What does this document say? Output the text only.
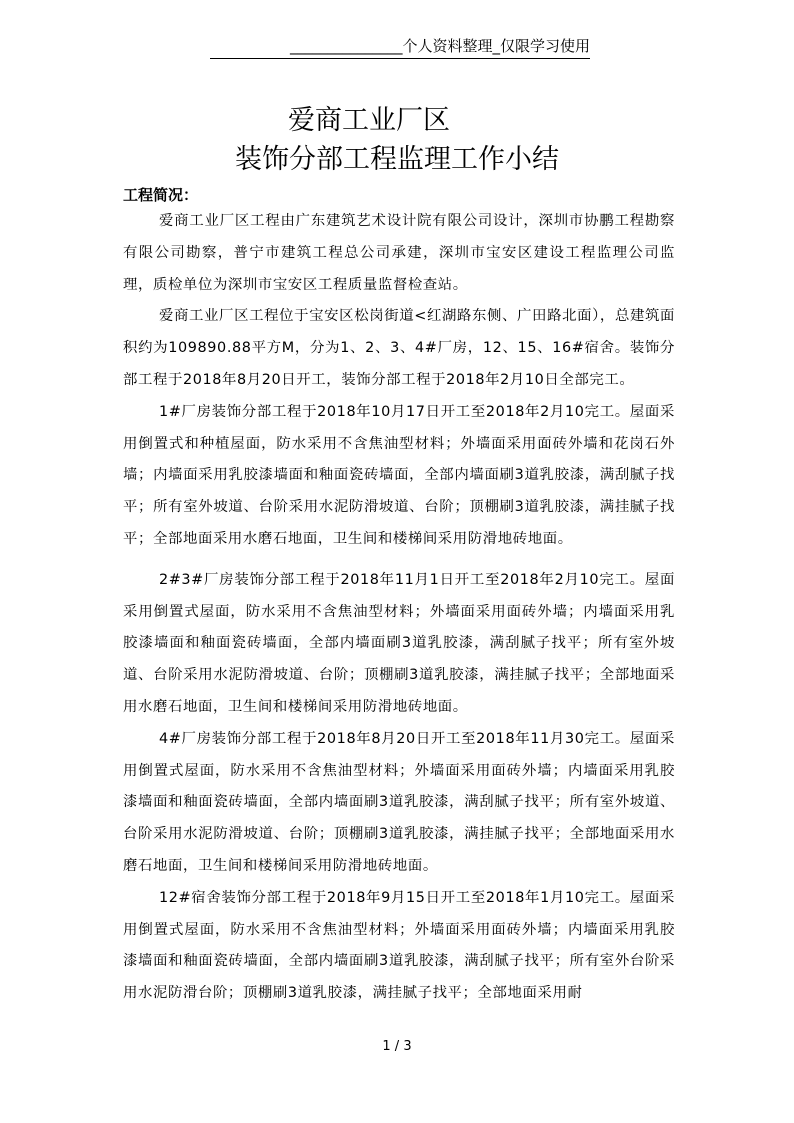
_______________个人资料整理_仅限学习使用
爱商工业厂区
装饰分部工程监理工作小结
工程简况：

爱商工业厂区工程由广东建筑艺术设计院有限公司设计，深圳市协鹏工程勘察有限公司勘察，普宁市建筑工程总公司承建，深圳市宝安区建设工程监理公司监理，质检单位为深圳市宝安区工程质量监督检查站。

爱商工业厂区工程位于宝安区松岗街道<红湖路东侧、广田路北面），总建筑面积约为109890.88平方M，分为1、2、3、4#厂房，12、15、16#宿舍。装饰分部工程于2018年8月20日开工，装饰分部工程于2018年2月10日全部完工。

1#厂房装饰分部工程于2018年10月17日开工至2018年2月10完工。屋面采用倒置式和种植屋面，防水采用不含焦油型材料；外墙面采用面砖外墙和花岗石外墙；内墙面采用乳胶漆墙面和釉面瓷砖墙面，全部内墙面刷3道乳胶漆，满刮腻子找平；所有室外坡道、台阶采用水泥防滑坡道、台阶；顶棚刷3道乳胶漆，满挂腻子找平；全部地面采用水磨石地面，卫生间和楼梯间采用防滑地砖地面。

2#3#厂房装饰分部工程于2018年11月1日开工至2018年2月10完工。屋面采用倒置式屋面，防水采用不含焦油型材料；外墙面采用面砖外墙；内墙面采用乳胶漆墙面和釉面瓷砖墙面，全部内墙面刷3道乳胶漆，满刮腻子找平；所有室外坡道、台阶采用水泥防滑坡道、台阶；顶棚刷3道乳胶漆，满挂腻子找平；全部地面采用水磨石地面，卫生间和楼梯间采用防滑地砖地面。

4#厂房装饰分部工程于2018年8月20日开工至2018年11月30完工。屋面采用倒置式屋面，防水采用不含焦油型材料；外墙面采用面砖外墙；内墙面采用乳胶漆墙面和釉面瓷砖墙面，全部内墙面刷3道乳胶漆，满刮腻子找平；所有室外坡道、台阶采用水泥防滑坡道、台阶；顶棚刷3道乳胶漆，满挂腻子找平；全部地面采用水磨石地面，卫生间和楼梯间采用防滑地砖地面。

12#宿舍装饰分部工程于2018年9月15日开工至2018年1月10完工。屋面采用倒置式屋面，防水采用不含焦油型材料；外墙面采用面砖外墙；内墙面采用乳胶漆墙面和釉面瓷砖墙面，全部内墙面刷3道乳胶漆，满刮腻子找平；所有室外台阶采用水泥防滑台阶；顶棚刷3道乳胶漆，满挂腻子找平；全部地面采用耐

1 / 3
